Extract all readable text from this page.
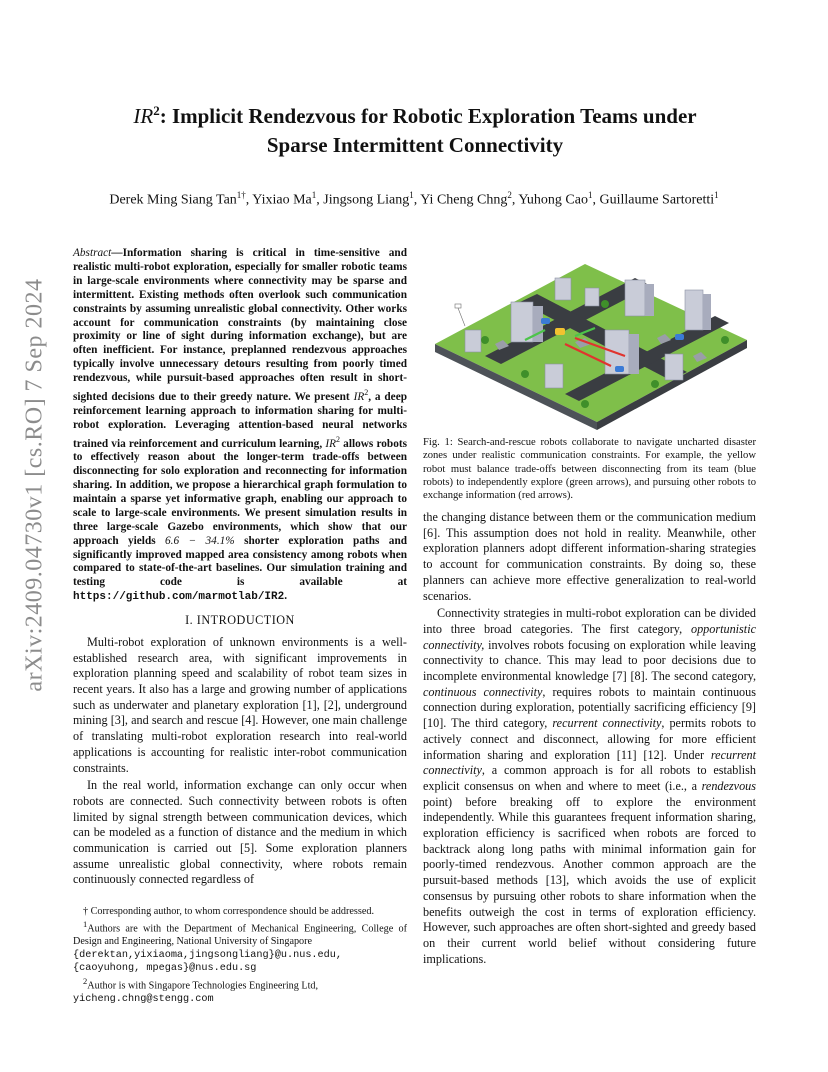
arXiv:2409.04730v1 [cs.RO] 7 Sep 2024
$IR^2$: Implicit Rendezvous for Robotic Exploration Teams under
Sparse Intermittent Connectivity
Derek Ming Siang Tan$^{1\dagger}$, Yixiao Ma$^1$, Jingsong Liang$^1$, Yi Cheng Chng$^2$, Yuhong Cao$^1$, Guillaume Sartoretti$^1$

Abstract—Information sharing is critical in time-sensitive and realistic multi-robot exploration, especially for smaller robotic teams in large-scale environments where connectivity may be sparse and intermittent. Existing methods often overlook such communication constraints by assuming unrealistic global connectivity. Other works account for communication constraints (by maintaining close proximity or line of sight during information exchange), but are often inefficient. For instance, preplanned rendezvous approaches typically involve unnecessary detours resulting from poorly timed rendezvous, while pursuit-based approaches often result in short-sighted decisions due to their greedy nature. We present $IR^2$, a deep reinforcement learning approach to information sharing for multi-robot exploration. Leveraging attention-based neural networks trained via reinforcement and curriculum learning, $IR^2$ allows robots to effectively reason about the longer-term trade-offs between disconnecting for solo exploration and reconnecting for information sharing. In addition, we propose a hierarchical graph formulation to maintain a sparse yet informative graph, enabling our approach to scale to large-scale environments. We present simulation results in three large-scale Gazebo environments, which show that our approach yields 6.6 − 34.1% shorter exploration paths and significantly improved mapped area consistency among robots when compared to state-of-the-art baselines. Our simulation training and testing code is available at https://github.com/marmotlab/IR2.

I. INTRODUCTION

Multi-robot exploration of unknown environments is a well-established research area, with significant improvements in exploration planning speed and scalability of robot team sizes in recent years. It also has a large and growing number of applications such as underwater and planetary exploration [1], [2], underground mining [3], and search and rescue [4]. However, one main challenge of translating multi-robot exploration research into real-world applications is accounting for realistic inter-robot communication constraints.

In the real world, information exchange can only occur when robots are connected. Such connectivity between robots is often limited by signal strength between communication devices, which can be modeled as a function of distance and the medium in which communication is carried out [5]. Some exploration planners assume unrealistic global connectivity, where robots remain continuously connected regardless of

† Corresponding author, to whom correspondence should be addressed.

$^1$Authors are with the Department of Mechanical Engineering, College of Design and Engineering, National University of Singapore
{derektan,yixiaoma,jingsongliang}@u.nus.edu, {caoyuhong, mpegas}@nus.edu.sg

$^2$Author is with Singapore Technologies Engineering Ltd,
yicheng.chng@stengg.com

Fig. 1: Search-and-rescue robots collaborate to navigate uncharted disaster zones under realistic communication constraints. For example, the yellow robot must balance trade-offs between disconnecting from its team (blue robots) to independently explore (green arrows), and pursuing other robots to exchange information (red arrows).

the changing distance between them or the communication medium [6]. This assumption does not hold in reality. Meanwhile, other exploration planners adopt different information-sharing strategies to account for communication constraints. By doing so, these planners can achieve more effective generalization to real-world scenarios.

Connectivity strategies in multi-robot exploration can be divided into three broad categories. The first category, opportunistic connectivity, involves robots focusing on exploration while leaving connectivity to chance. This may lead to poor decisions due to incomplete environmental knowledge [7] [8]. The second category, continuous connectivity, requires robots to maintain continuous connection during exploration, potentially sacrificing efficiency [9] [10]. The third category, recurrent connectivity, permits robots to actively connect and disconnect, allowing for more efficient information sharing and exploration [11] [12]. Under recurrent connectivity, a common approach is for all robots to establish explicit consensus on when and where to meet (i.e., a rendezvous point) before breaking off to explore the environment independently. While this guarantees frequent information sharing, exploration efficiency is sacrificed when robots are forced to backtrack along long paths with minimal information gain for poorly-timed rendezvous. Another common approach are the pursuit-based methods [13], which avoids the use of explicit consensus by pursuing other robots to share information when the benefits outweigh the cost in terms of exploration efficiency. However, such approaches are often short-sighted and greedy based on their current world belief without considering future implications.
